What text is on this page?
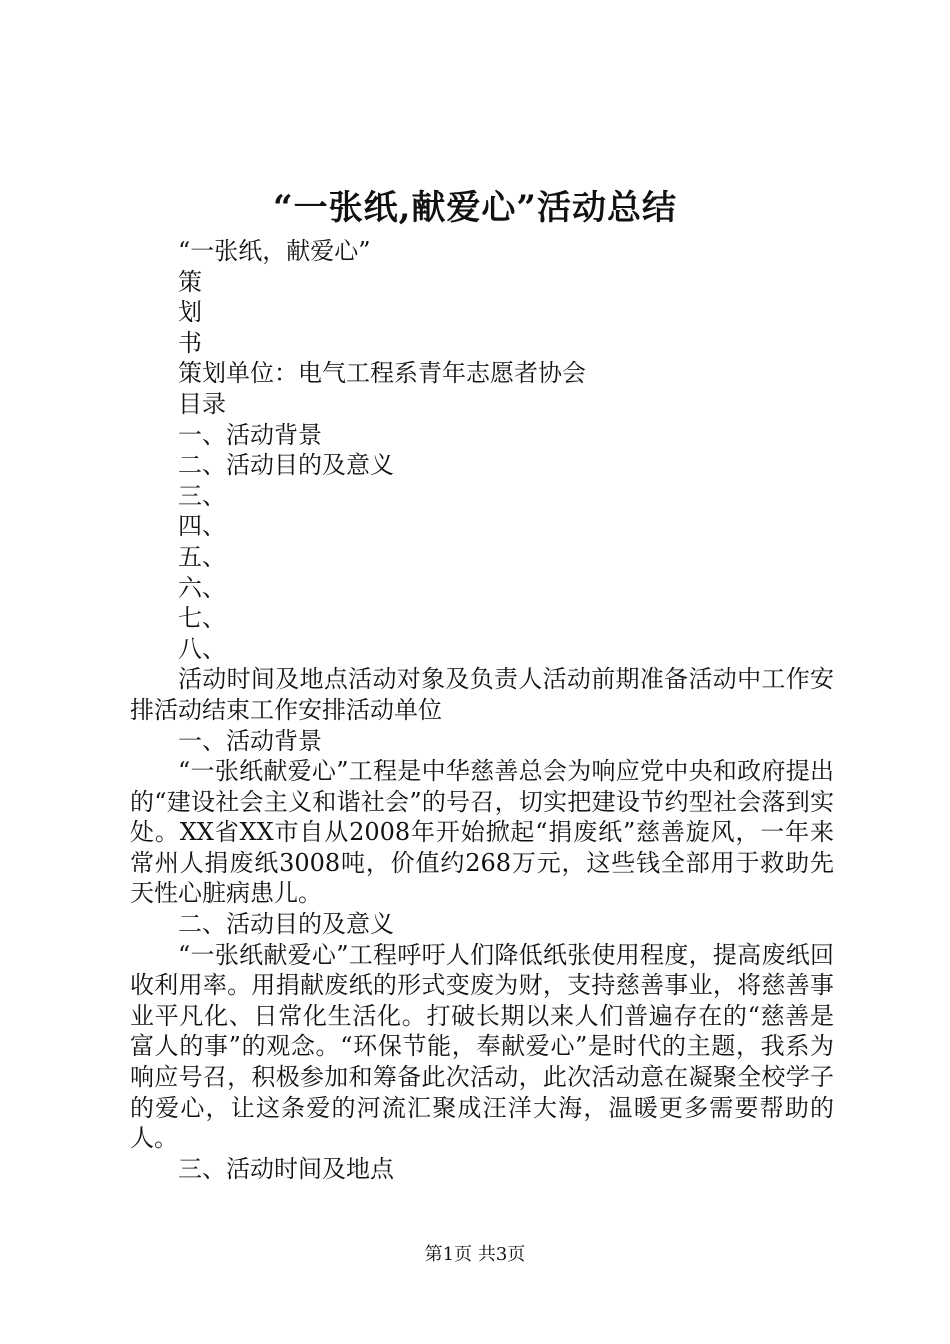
“一张纸,献爱心”活动总结

“一张纸，献爱心”

策

划

书

策划单位：电气工程系青年志愿者协会

目录

一、活动背景

二、活动目的及意义

三、

四、

五、

六、

七、

八、

活动时间及地点活动对象及负责人活动前期准备活动中工作安排活动结束工作安排活动单位

一、活动背景

“一张纸献爱心”工程是中华慈善总会为响应党中央和政府提出的“建设社会主义和谐社会”的号召，切实把建设节约型社会落到实处。XX省XX市自从2008年开始掀起“捐废纸”慈善旋风，一年来常州人捐废纸3008吨，价值约268万元，这些钱全部用于救助先天性心脏病患儿。

二、活动目的及意义

“一张纸献爱心”工程呼吁人们降低纸张使用程度，提高废纸回收利用率。用捐献废纸的形式变废为财，支持慈善事业，将慈善事业平凡化、日常化生活化。打破长期以来人们普遍存在的“慈善是富人的事”的观念。“环保节能，奉献爱心”是时代的主题，我系为响应号召，积极参加和筹备此次活动，此次活动意在凝聚全校学子的爱心，让这条爱的河流汇聚成汪洋大海，温暖更多需要帮助的人。

三、活动时间及地点

第1页 共3页
